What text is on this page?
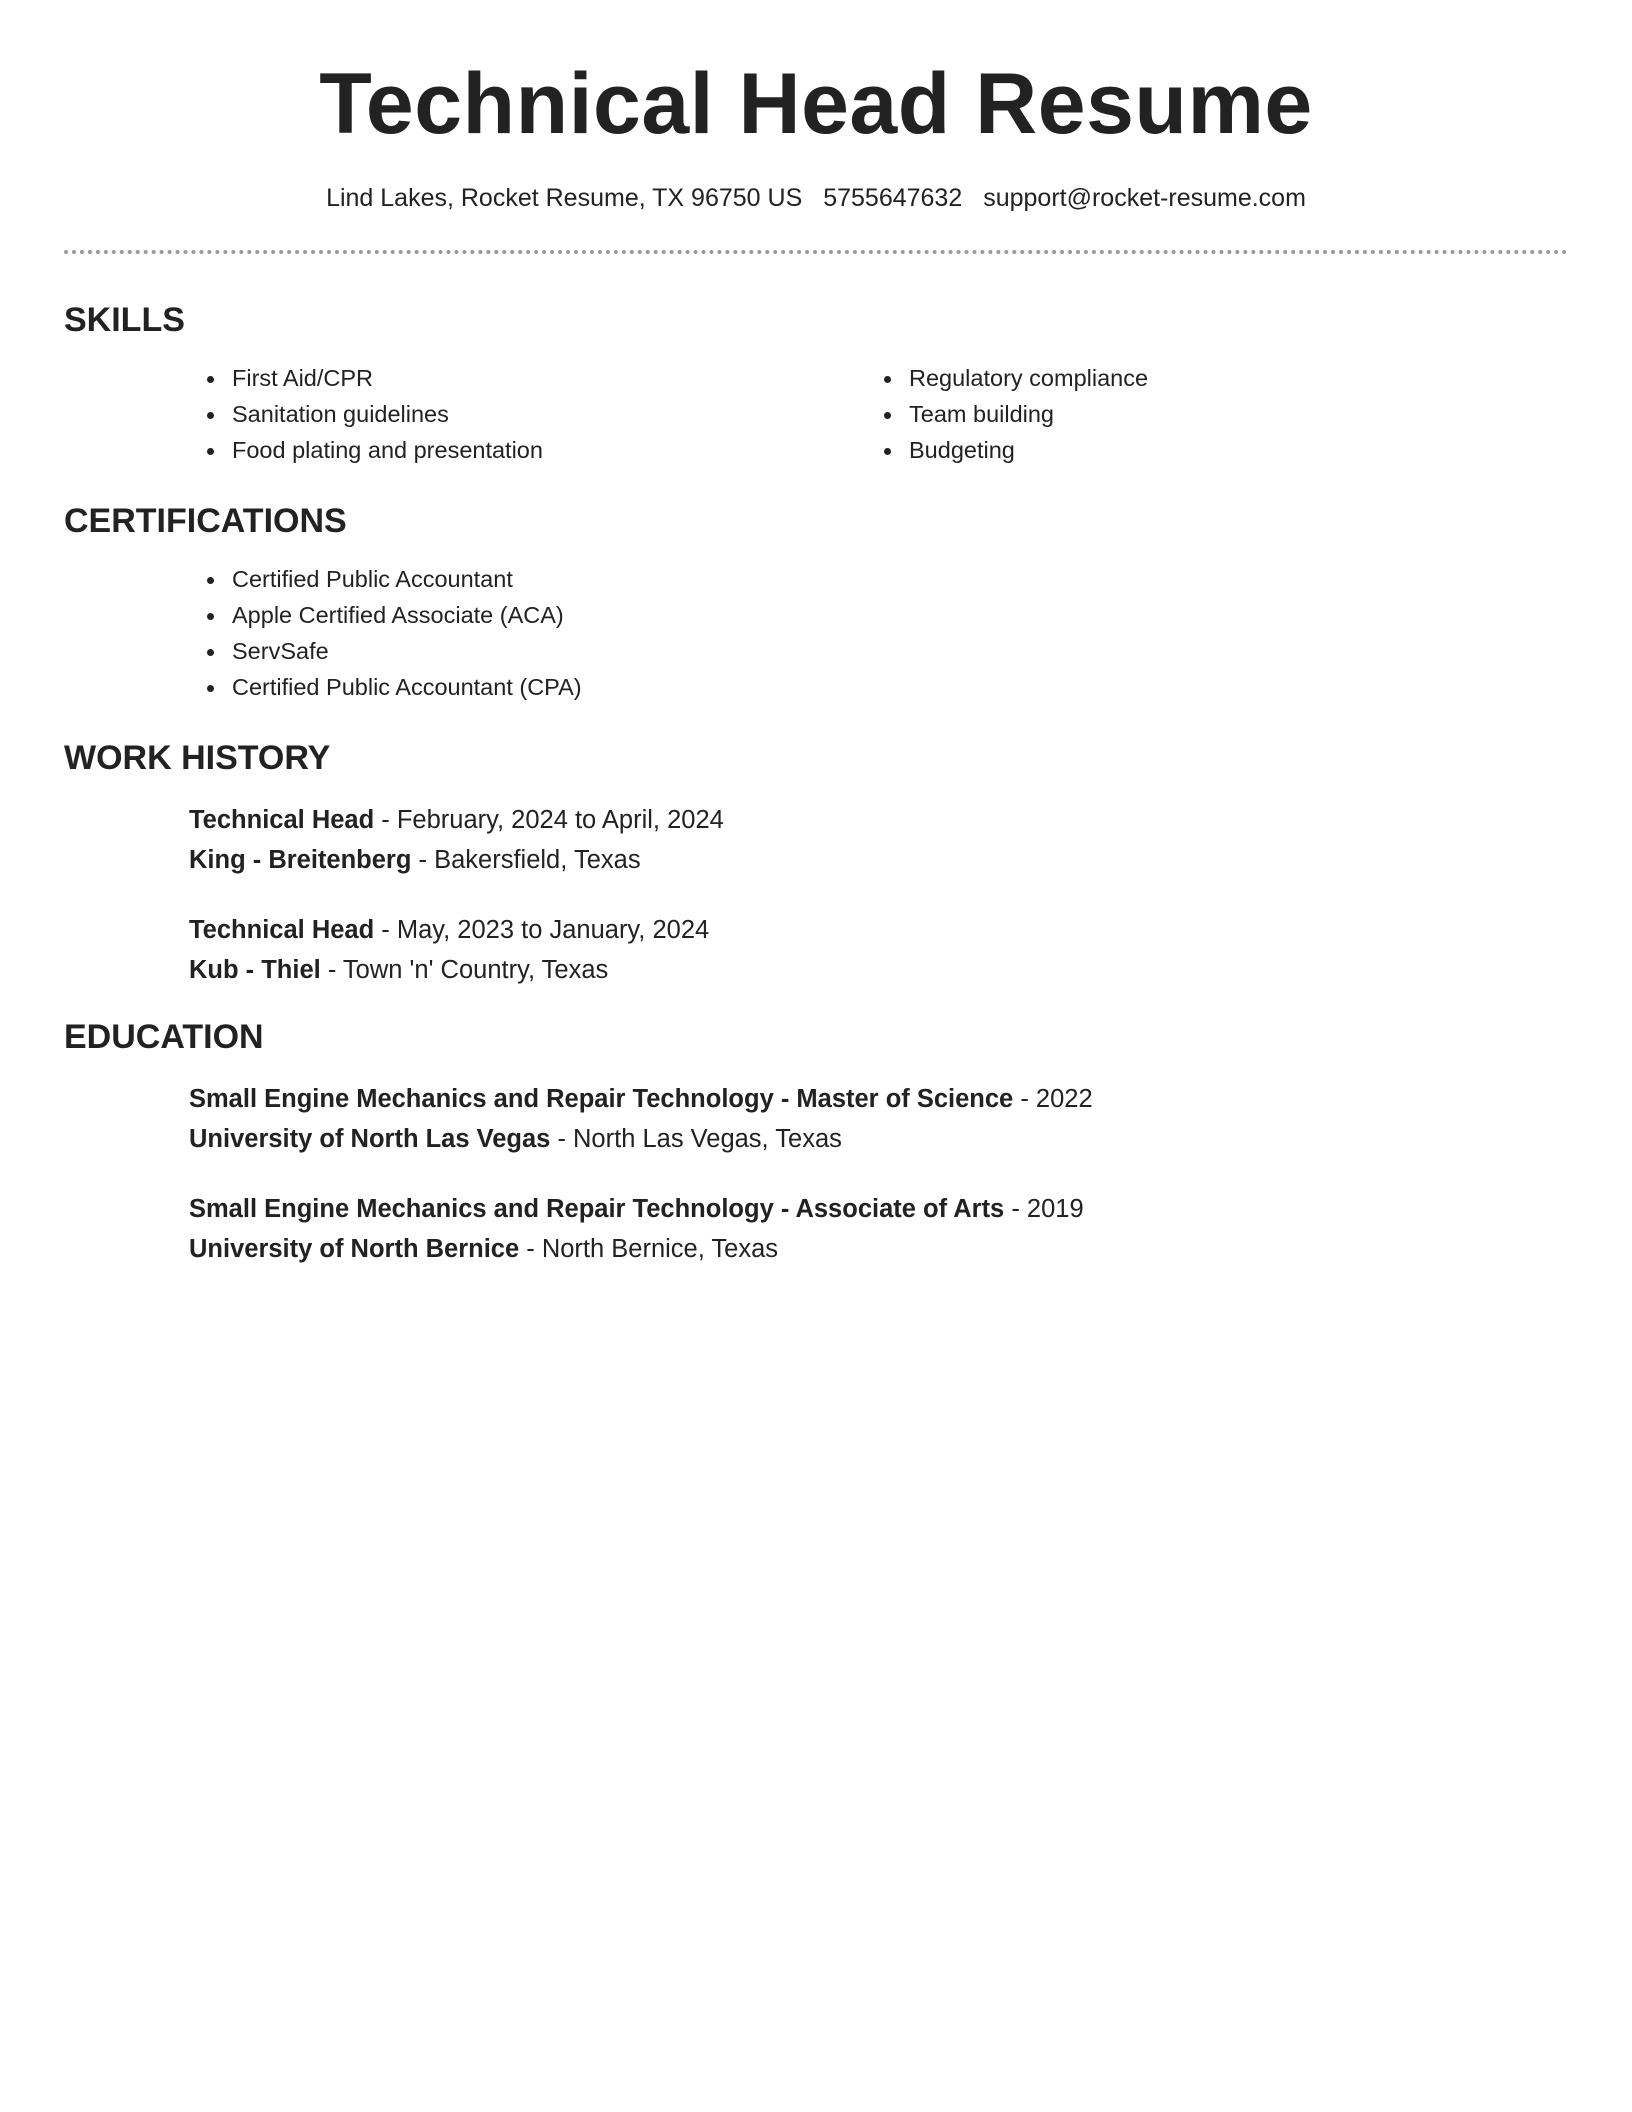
Technical Head Resume
Lind Lakes, Rocket Resume, TX 96750 US 5755647632 support@rocket-resume.com
SKILLS
First Aid/CPR
Sanitation guidelines
Food plating and presentation
Regulatory compliance
Team building
Budgeting
CERTIFICATIONS
Certified Public Accountant
Apple Certified Associate (ACA)
ServSafe
Certified Public Accountant (CPA)
WORK HISTORY
Technical Head - February, 2024 to April, 2024
King - Breitenberg - Bakersfield, Texas
Technical Head - May, 2023 to January, 2024
Kub - Thiel - Town 'n' Country, Texas
EDUCATION
Small Engine Mechanics and Repair Technology - Master of Science - 2022
University of North Las Vegas - North Las Vegas, Texas
Small Engine Mechanics and Repair Technology - Associate of Arts - 2019
University of North Bernice - North Bernice, Texas
